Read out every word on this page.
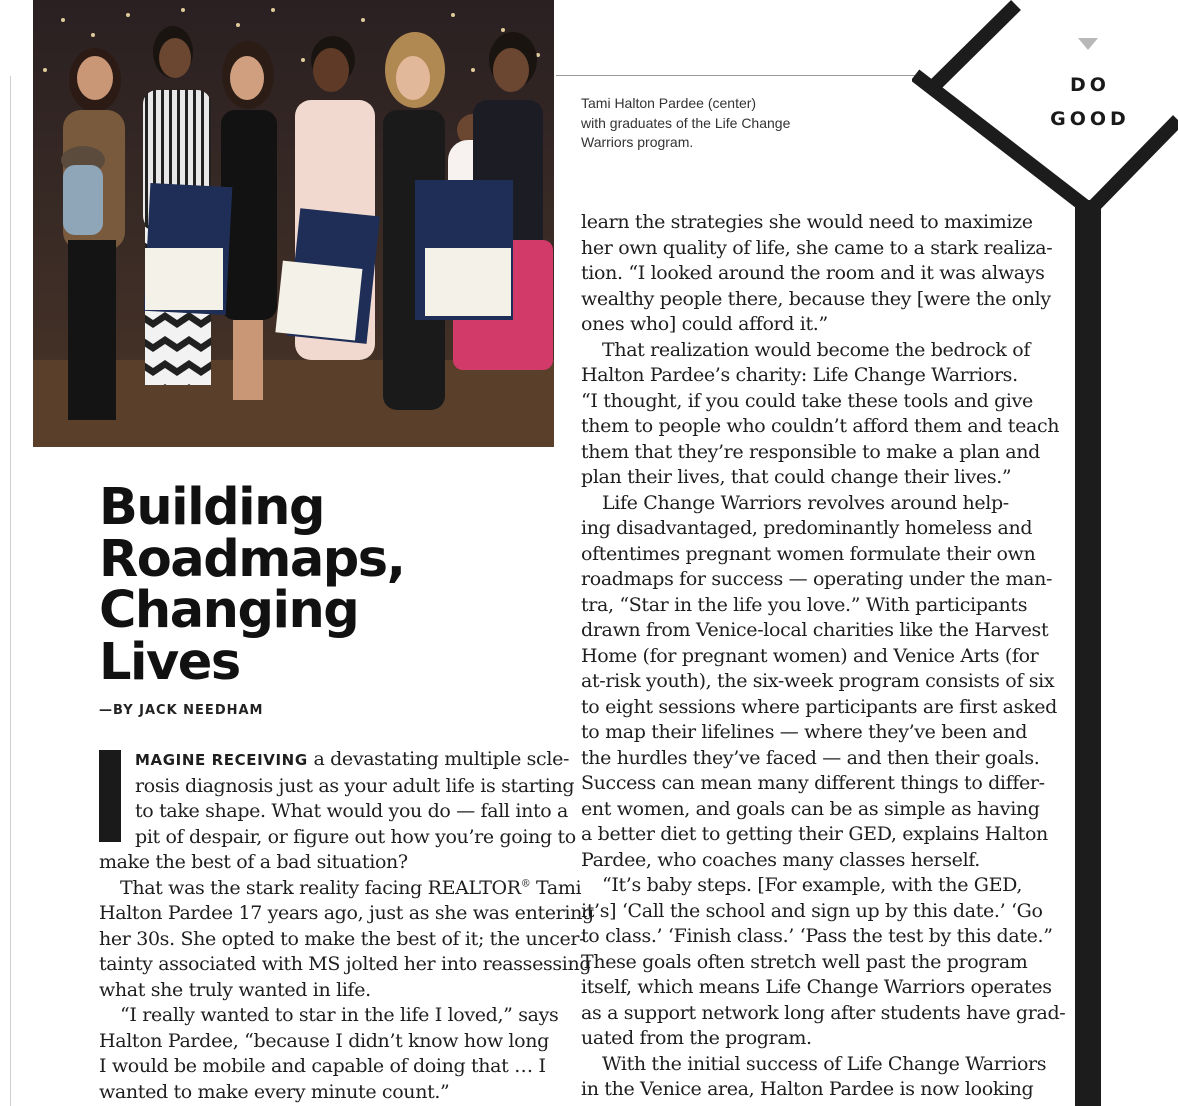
Tami Halton Pardee (center)
with graduates of the Life Change
Warriors program.
DO
GOOD
Building
Roadmaps,
Changing
Lives
—BY JACK NEEDHAM
I	MAGINE RECEIVING a devastating multiple scle-
rosis diagnosis just as your adult life is starting
to take shape. What would you do — fall into a
pit of despair, or figure out how you’re going to
make the best of a bad situation?
That was the stark reality facing REALTOR® Tami
Halton Pardee 17 years ago, just as she was entering
her 30s. She opted to make the best of it; the uncer-
tainty associated with MS jolted her into reassessing
what she truly wanted in life.
“I really wanted to star in the life I loved,” says
Halton Pardee, “because I didn’t know how long
I would be mobile and capable of doing that … I
wanted to make every minute count.”
learn the strategies she would need to maximize
her own quality of life, she came to a stark realiza-
tion. “I looked around the room and it was always
wealthy people there, because they [were the only
ones who] could afford it.”
That realization would become the bedrock of
Halton Pardee’s charity: Life Change Warriors.
“I thought, if you could take these tools and give
them to people who couldn’t afford them and teach
them that they’re responsible to make a plan and
plan their lives, that could change their lives.”
Life Change Warriors revolves around help-
ing disadvantaged, predominantly homeless and
oftentimes pregnant women formulate their own
roadmaps for success — operating under the man-
tra, “Star in the life you love.” With participants
drawn from Venice-local charities like the Harvest
Home (for pregnant women) and Venice Arts (for
at-risk youth), the six-week program consists of six
to eight sessions where participants are first asked
to map their lifelines — where they’ve been and
the hurdles they’ve faced — and then their goals.
Success can mean many different things to differ-
ent women, and goals can be as simple as having
a better diet to getting their GED, explains Halton
Pardee, who coaches many classes herself.
“It’s baby steps. [For example, with the GED,
it’s] ‘Call the school and sign up by this date.’ ‘Go
to class.’ ‘Finish class.’ ‘Pass the test by this date.”
These goals often stretch well past the program
itself, which means Life Change Warriors operates
as a support network long after students have grad-
uated from the program.
With the initial success of Life Change Warriors
in the Venice area, Halton Pardee is now looking
